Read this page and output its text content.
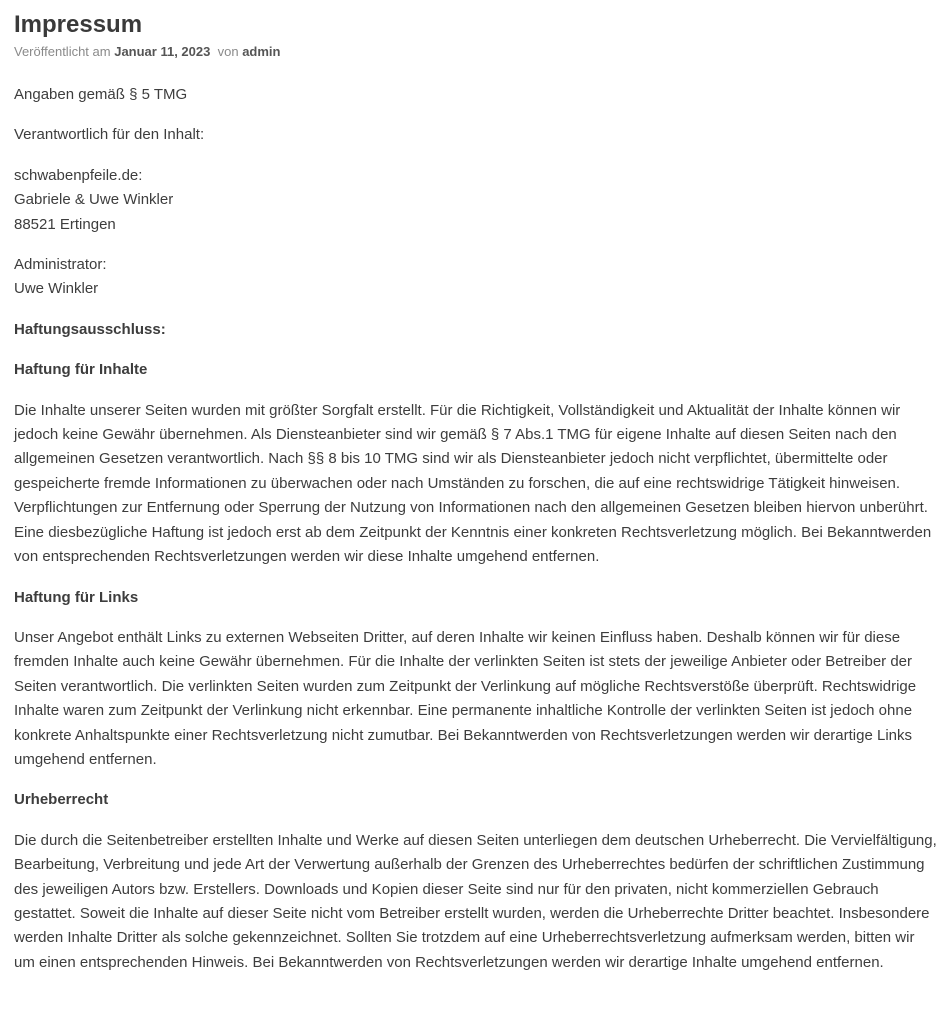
Impressum
Veröffentlicht am Januar 11, 2023 von admin

Angaben gemäß § 5 TMG

Verantwortlich für den Inhalt:

schwabenpfeile.de:
Gabriele & Uwe Winkler
88521 Ertingen

Administrator:
Uwe Winkler

Haftungsausschluss:

Haftung für Inhalte

Die Inhalte unserer Seiten wurden mit größter Sorgfalt erstellt. Für die Richtigkeit, Vollständigkeit und Aktualität der Inhalte können wir jedoch keine Gewähr übernehmen. Als Diensteanbieter sind wir gemäß § 7 Abs.1 TMG für eigene Inhalte auf diesen Seiten nach den allgemeinen Gesetzen verantwortlich. Nach §§ 8 bis 10 TMG sind wir als Diensteanbieter jedoch nicht verpflichtet, übermittelte oder gespeicherte fremde Informationen zu überwachen oder nach Umständen zu forschen, die auf eine rechtswidrige Tätigkeit hinweisen. Verpflichtungen zur Entfernung oder Sperrung der Nutzung von Informationen nach den allgemeinen Gesetzen bleiben hiervon unberührt. Eine diesbezügliche Haftung ist jedoch erst ab dem Zeitpunkt der Kenntnis einer konkreten Rechtsverletzung möglich. Bei Bekanntwerden von entsprechenden Rechtsverletzungen werden wir diese Inhalte umgehend entfernen.

Haftung für Links

Unser Angebot enthält Links zu externen Webseiten Dritter, auf deren Inhalte wir keinen Einfluss haben. Deshalb können wir für diese fremden Inhalte auch keine Gewähr übernehmen. Für die Inhalte der verlinkten Seiten ist stets der jeweilige Anbieter oder Betreiber der Seiten verantwortlich. Die verlinkten Seiten wurden zum Zeitpunkt der Verlinkung auf mögliche Rechtsverstöße überprüft. Rechtswidrige Inhalte waren zum Zeitpunkt der Verlinkung nicht erkennbar. Eine permanente inhaltliche Kontrolle der verlinkten Seiten ist jedoch ohne konkrete Anhaltspunkte einer Rechtsverletzung nicht zumutbar. Bei Bekanntwerden von Rechtsverletzungen werden wir derartige Links umgehend entfernen.

Urheberrecht

Die durch die Seitenbetreiber erstellten Inhalte und Werke auf diesen Seiten unterliegen dem deutschen Urheberrecht. Die Vervielfältigung, Bearbeitung, Verbreitung und jede Art der Verwertung außerhalb der Grenzen des Urheberrechtes bedürfen der schriftlichen Zustimmung des jeweiligen Autors bzw. Erstellers. Downloads und Kopien dieser Seite sind nur für den privaten, nicht kommerziellen Gebrauch gestattet. Soweit die Inhalte auf dieser Seite nicht vom Betreiber erstellt wurden, werden die Urheberrechte Dritter beachtet. Insbesondere werden Inhalte Dritter als solche gekennzeichnet. Sollten Sie trotzdem auf eine Urheberrechtsverletzung aufmerksam werden, bitten wir um einen entsprechenden Hinweis. Bei Bekanntwerden von Rechtsverletzungen werden wir derartige Inhalte umgehend entfernen.
